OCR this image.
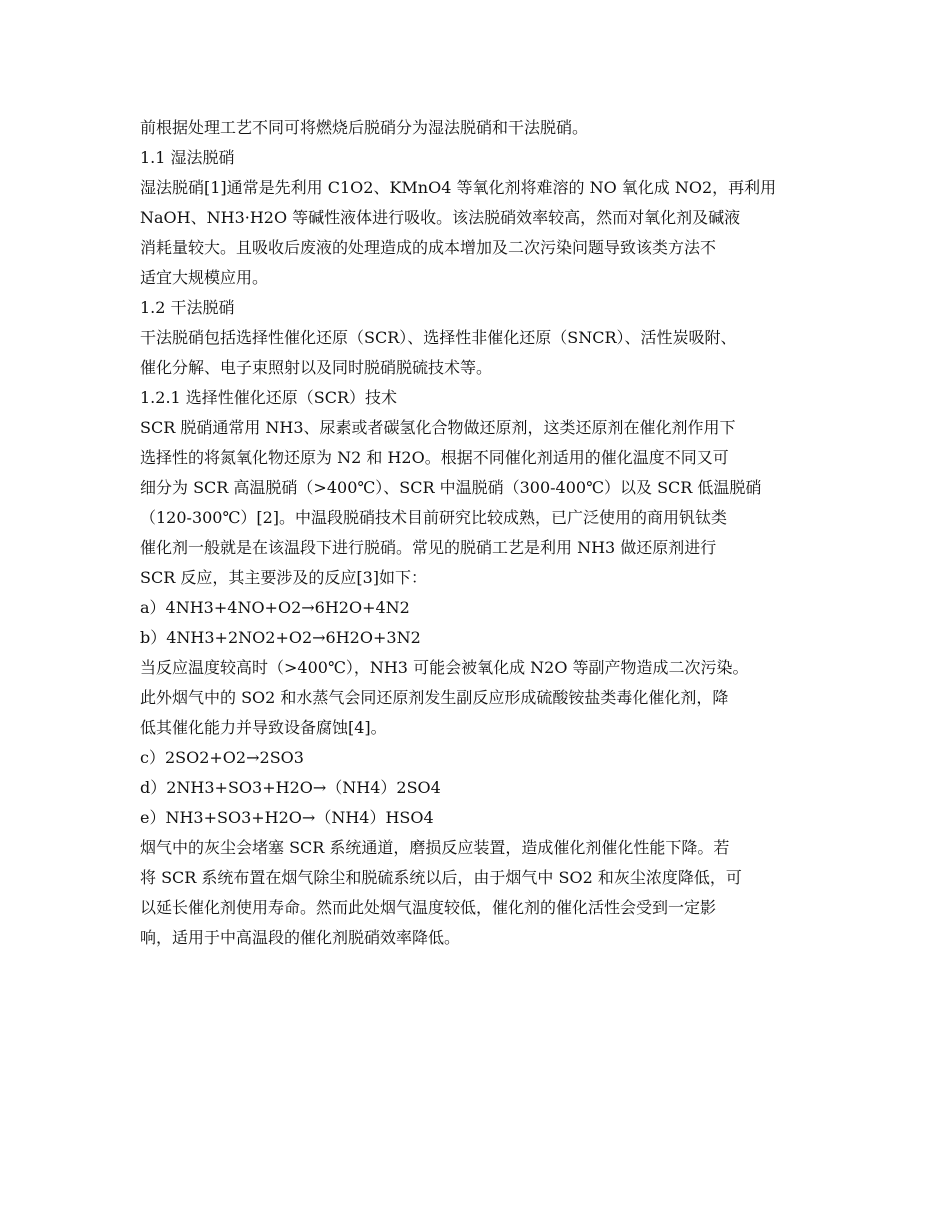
前根据处理工艺不同可将燃烧后脱硝分为湿法脱硝和干法脱硝。
1.1 湿法脱硝
湿法脱硝[1]通常是先利用 C1O2、KMnO4 等氧化剂将难溶的 NO 氧化成 NO2，再利用
NaOH、NH3·H2O 等碱性液体进行吸收。该法脱硝效率较高，然而对氧化剂及碱液
消耗量较大。且吸收后废液的处理造成的成本增加及二次污染问题导致该类方法不
适宜大规模应用。
1.2 干法脱硝
干法脱硝包括选择性催化还原（SCR）、选择性非催化还原（SNCR）、活性炭吸附、
催化分解、电子束照射以及同时脱硝脱硫技术等。
1.2.1 选择性催化还原（SCR）技术
SCR 脱硝通常用 NH3、尿素或者碳氢化合物做还原剂，这类还原剂在催化剂作用下
选择性的将氮氧化物还原为 N2 和 H2O。根据不同催化剂适用的催化温度不同又可
细分为 SCR 高温脱硝（>400℃）、SCR 中温脱硝（300-400℃）以及 SCR 低温脱硝
（120-300℃）[2]。中温段脱硝技术目前研究比较成熟，已广泛使用的商用钒钛类
催化剂一般就是在该温段下进行脱硝。常见的脱硝工艺是利用 NH3 做还原剂进行
SCR 反应，其主要涉及的反应[3]如下：
a）4NH3+4NO+O2→6H2O+4N2
b）4NH3+2NO2+O2→6H2O+3N2
当反应温度较高时（>400℃），NH3 可能会被氧化成 N2O 等副产物造成二次污染。
此外烟气中的 SO2 和水蒸气会同还原剂发生副反应形成硫酸铵盐类毒化催化剂，降
低其催化能力并导致设备腐蚀[4]。
c）2SO2+O2→2SO3
d）2NH3+SO3+H2O→（NH4）2SO4
e）NH3+SO3+H2O→（NH4）HSO4
烟气中的灰尘会堵塞 SCR 系统通道，磨损反应装置，造成催化剂催化性能下降。若
将 SCR 系统布置在烟气除尘和脱硫系统以后，由于烟气中 SO2 和灰尘浓度降低，可
以延长催化剂使用寿命。然而此处烟气温度较低，催化剂的催化活性会受到一定影
响，适用于中高温段的催化剂脱硝效率降低。
